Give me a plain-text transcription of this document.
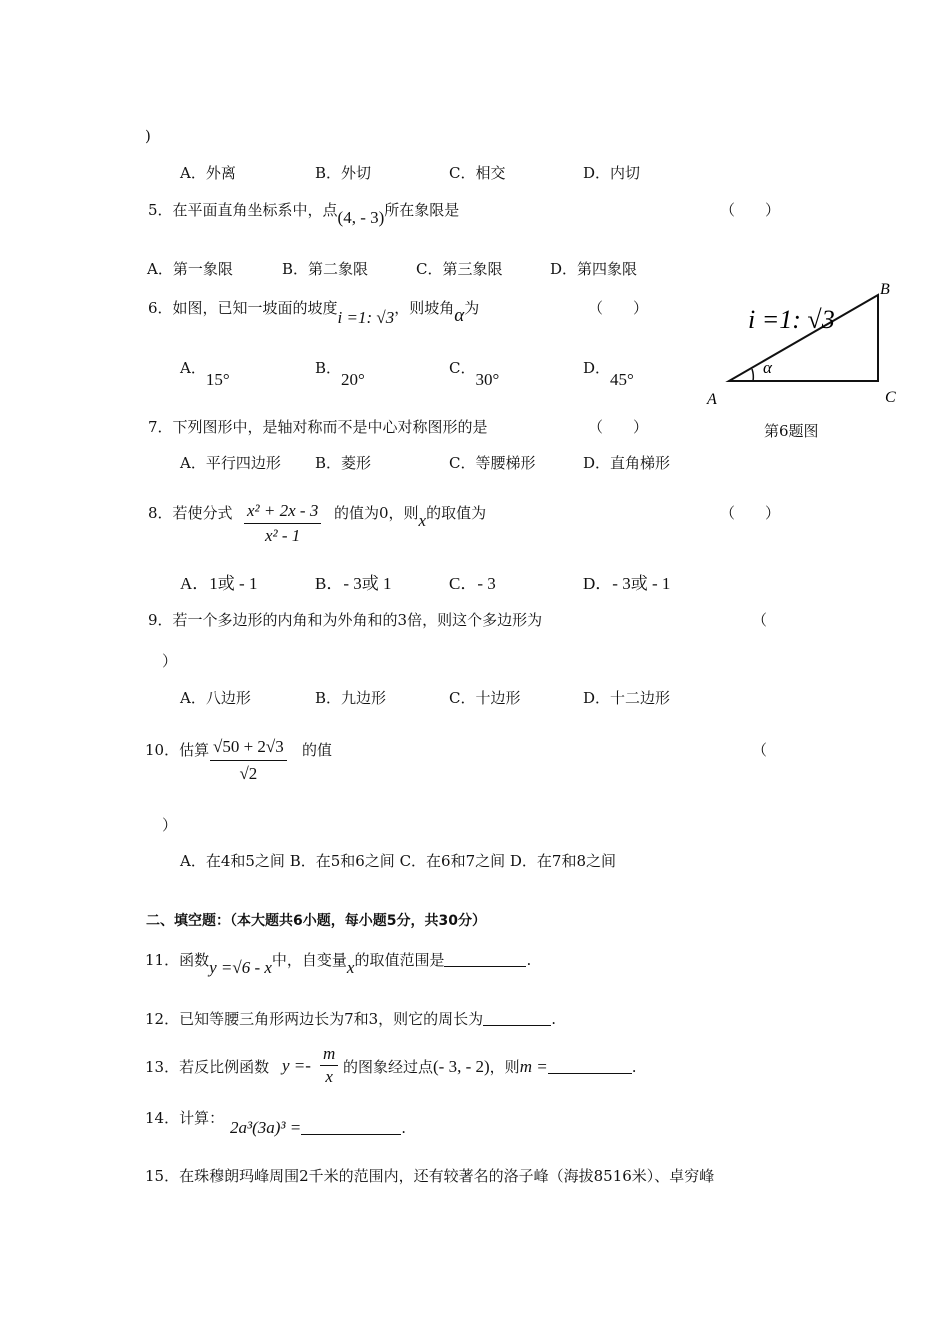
)
A．外离	B．外切	C．相交	D．内切
5．在平面直角坐标系中，点(4, - 3)所在象限是	（　　）
A．第一象限	B．第二象限	C．第三象限	D．第四象限
6．如图，已知一坡面的坡度i =1: √3，则坡角α为	（　　）
A．15°
B．20°
C．30°
D．45°
i =1: √3
α
A
B
C
第6题图
7．下列图形中，是轴对称而不是中心对称图形的是	（　　）
A．平行四边形 B．菱形	C．等腰梯形	D．直角梯形
8．若使分式 $\frac{\text{x² + 2x - 3}}{\text{x² - 1}}$ 的值为0，则x的取值为	（　　）
A．1或 - 1	B．- 3或 1	C．- 3	D．- 3或 - 1
9．若一个多边形的内角和为外角和的3倍，则这个多边形为	（
）
A．八边形	B．九边形	C．十边形	D．十二边形
10．估算 $\frac{√50 + 2√3}{√2}$ 的值	（
）
A．在4和5之间 B．在5和6之间 C．在6和7之间 D．在7和8之间
二、填空题：（本大题共6小题，每小题5分，共30分）
11．函数y =√6 - x中，自变量x的取值范围是	.
12．已知等腰三角形两边长为7和3，则它的周长为	.
13．若反比例函数 $y =- \frac{m}{x}$ 的图象经过点(- 3, - 2)，则m =	.
14．计算： 2a³(3a)³ =	.
15．在珠穆朗玛峰周围2千米的范围内，还有较著名的洛子峰（海拔8516米）、卓穷峰
